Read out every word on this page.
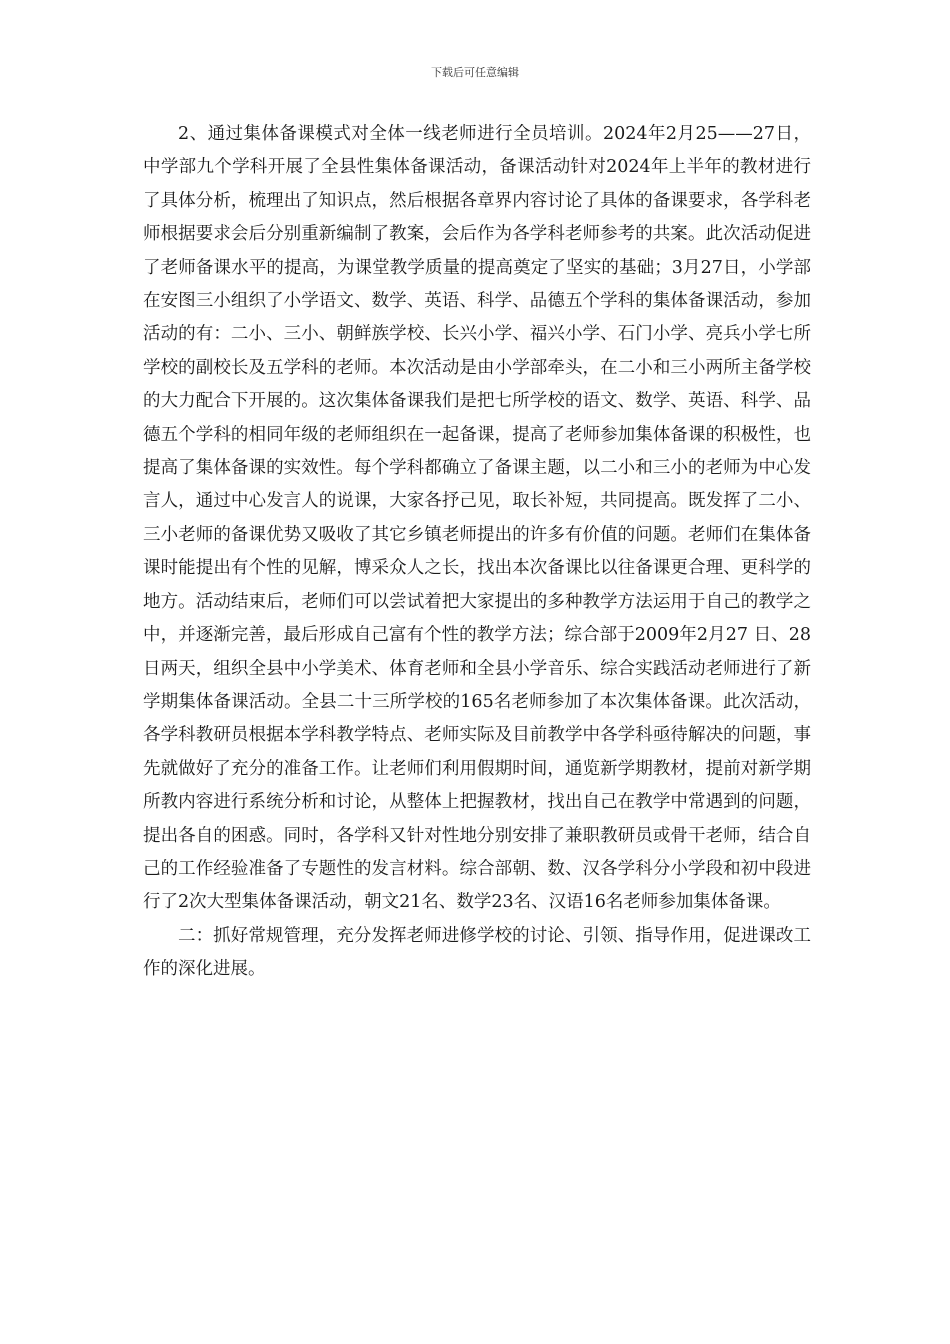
下载后可任意编辑

2、通过集体备课模式对全体一线老师进行全员培训。2024年2月25——27日，中学部九个学科开展了全县性集体备课活动，备课活动针对2024年上半年的教材进行了具体分析，梳理出了知识点，然后根据各章界内容讨论了具体的备课要求，各学科老师根据要求会后分别重新编制了教案，会后作为各学科老师参考的共案。此次活动促进了老师备课水平的提高，为课堂教学质量的提高奠定了坚实的基础；3月27日，小学部在安图三小组织了小学语文、数学、英语、科学、品德五个学科的集体备课活动，参加活动的有：二小、三小、朝鲜族学校、长兴小学、福兴小学、石门小学、亮兵小学七所学校的副校长及五学科的老师。本次活动是由小学部牵头，在二小和三小两所主备学校的大力配合下开展的。这次集体备课我们是把七所学校的语文、数学、英语、科学、品德五个学科的相同年级的老师组织在一起备课，提高了老师参加集体备课的积极性，也提高了集体备课的实效性。每个学科都确立了备课主题，以二小和三小的老师为中心发言人，通过中心发言人的说课，大家各抒己见，取长补短，共同提高。既发挥了二小、三小老师的备课优势又吸收了其它乡镇老师提出的许多有价值的问题。老师们在集体备课时能提出有个性的见解，博采众人之长，找出本次备课比以往备课更合理、更科学的地方。活动结束后，老师们可以尝试着把大家提出的多种教学方法运用于自己的教学之中，并逐渐完善，最后形成自己富有个性的教学方法；综合部于2009年2月27 日、28日两天，组织全县中小学美术、体育老师和全县小学音乐、综合实践活动老师进行了新学期集体备课活动。全县二十三所学校的165名老师参加了本次集体备课。此次活动，各学科教研员根据本学科教学特点、老师实际及目前教学中各学科亟待解决的问题，事先就做好了充分的准备工作。让老师们利用假期时间，通览新学期教材，提前对新学期所教内容进行系统分析和讨论，从整体上把握教材，找出自己在教学中常遇到的问题，提出各自的困惑。同时，各学科又针对性地分别安排了兼职教研员或骨干老师，结合自己的工作经验准备了专题性的发言材料。综合部朝、数、汉各学科分小学段和初中段进行了2次大型集体备课活动，朝文21名、数学23名、汉语16名老师参加集体备课。

二：抓好常规管理，充分发挥老师进修学校的讨论、引领、指导作用，促进课改工作的深化进展。
